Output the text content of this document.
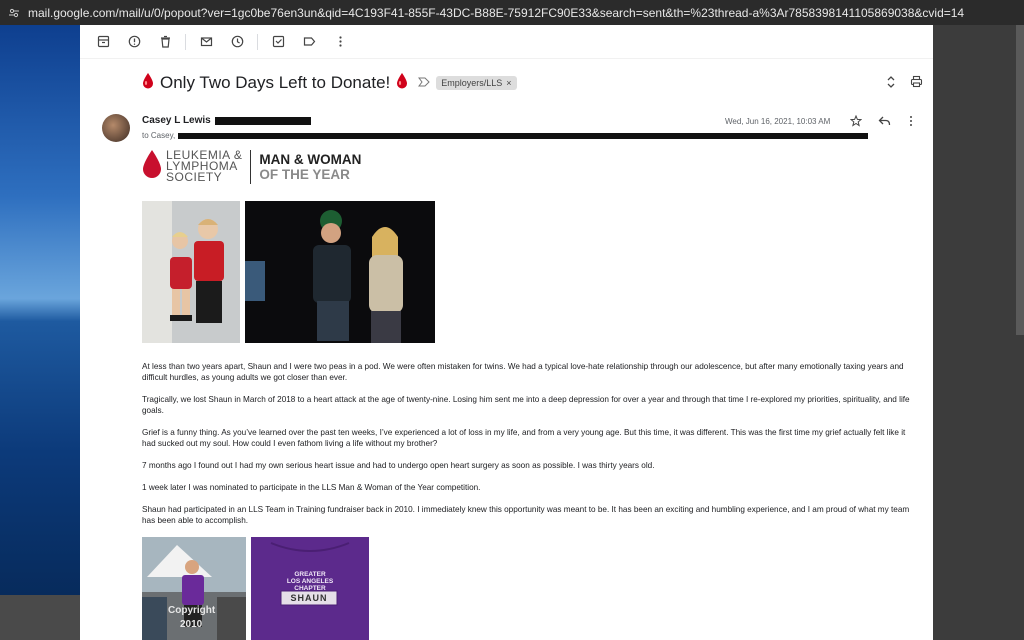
mail.google.com/mail/u/0/popout?ver=1gc0be76en3un&qid=4C193F41-855F-43DC-B88E-75912FC90E33&search=sent&th=%23thread-a%3Ar7858398141105869038&cvid=14
Only Two Days Left to Donate!	Employers/LLS ×
Casey L Lewis
to Casey,
Wed, Jun 16, 2021, 10:03 AM
LEUKEMIA &
LYMPHOMA
SOCIETY
MAN & WOMAN
OF THE YEAR

At less than two years apart, Shaun and I were two peas in a pod. We were often mistaken for twins. We had a typical love-hate relationship through our adolescence, but after many emotionally taxing years and difficult hurdles, as young adults we got closer than ever.

Tragically, we lost Shaun in March of 2018 to a heart attack at the age of twenty-nine. Losing him sent me into a deep depression for over a year and through that time I re-explored my priorities, spirituality, and life goals.

Grief is a funny thing. As you’ve learned over the past ten weeks, I’ve experienced a lot of loss in my life, and from a very young age. But this time, it was different. This was the first time my grief actually felt like it had sucked out my soul. How could I even fathom living a life without my brother?

7 months ago I found out I had my own serious heart issue and had to undergo open heart surgery as soon as possible. I was thirty years old.

1 week later I was nominated to participate in the LLS Man & Woman of the Year competition.

Shaun had participated in an LLS Team in Training fundraiser back in 2010. I immediately knew this opportunity was meant to be. It has been an exciting and humbling experience, and I am proud of what my team has been able to accomplish.

Copyright
2010
GREATER
LOS ANGELES
CHAPTER
SHAUN
